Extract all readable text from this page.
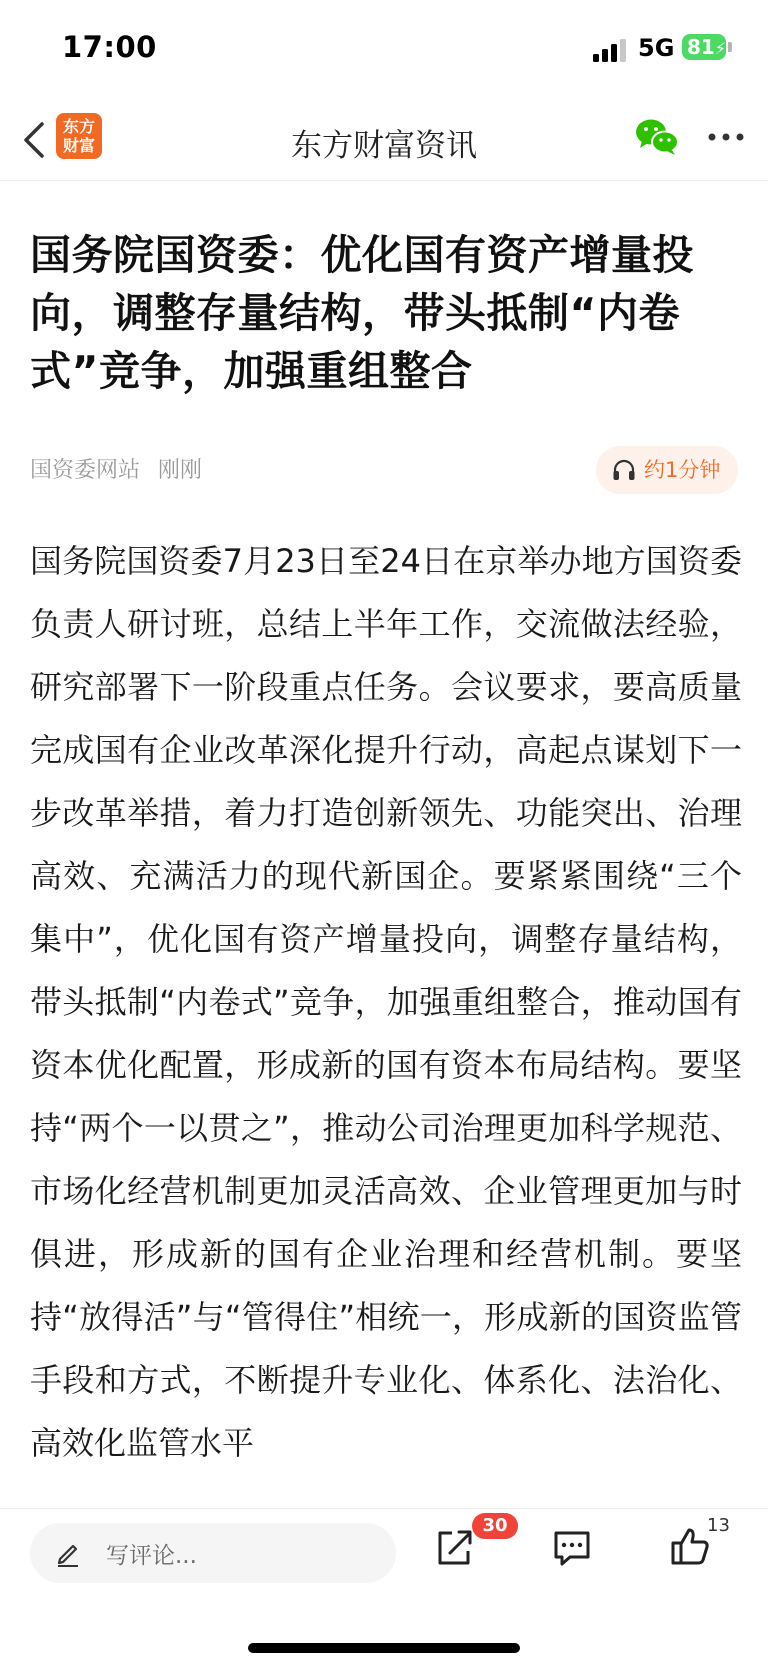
17:00	5G 81⚡
东方
财富	东方财富资讯
国务院国资委：优化国有资产增量投向，调整存量结构，带头抵制“内卷式”竞争，加强重组整合
国资委网站 刚刚	约1分钟
国务院国资委7月23日至24日在京举办地方国资委负责人研讨班，总结上半年工作，交流做法经验，研究部署下一阶段重点任务。会议要求，要高质量完成国有企业改革深化提升行动，高起点谋划下一步改革举措，着力打造创新领先、功能突出、治理高效、充满活力的现代新国企。要紧紧围绕“三个集中”，优化国有资产增量投向，调整存量结构，带头抵制“内卷式”竞争，加强重组整合，推动国有资本优化配置，形成新的国有资本布局结构。要坚持“两个一以贯之”，推动公司治理更加科学规范、市场化经营机制更加灵活高效、企业管理更加与时俱进，形成新的国有企业治理和经营机制。要坚持“放得活”与“管得住”相统一，形成新的国资监管手段和方式，不断提升专业化、体系化、法治化、高效化监管水平
写评论...
30	13
